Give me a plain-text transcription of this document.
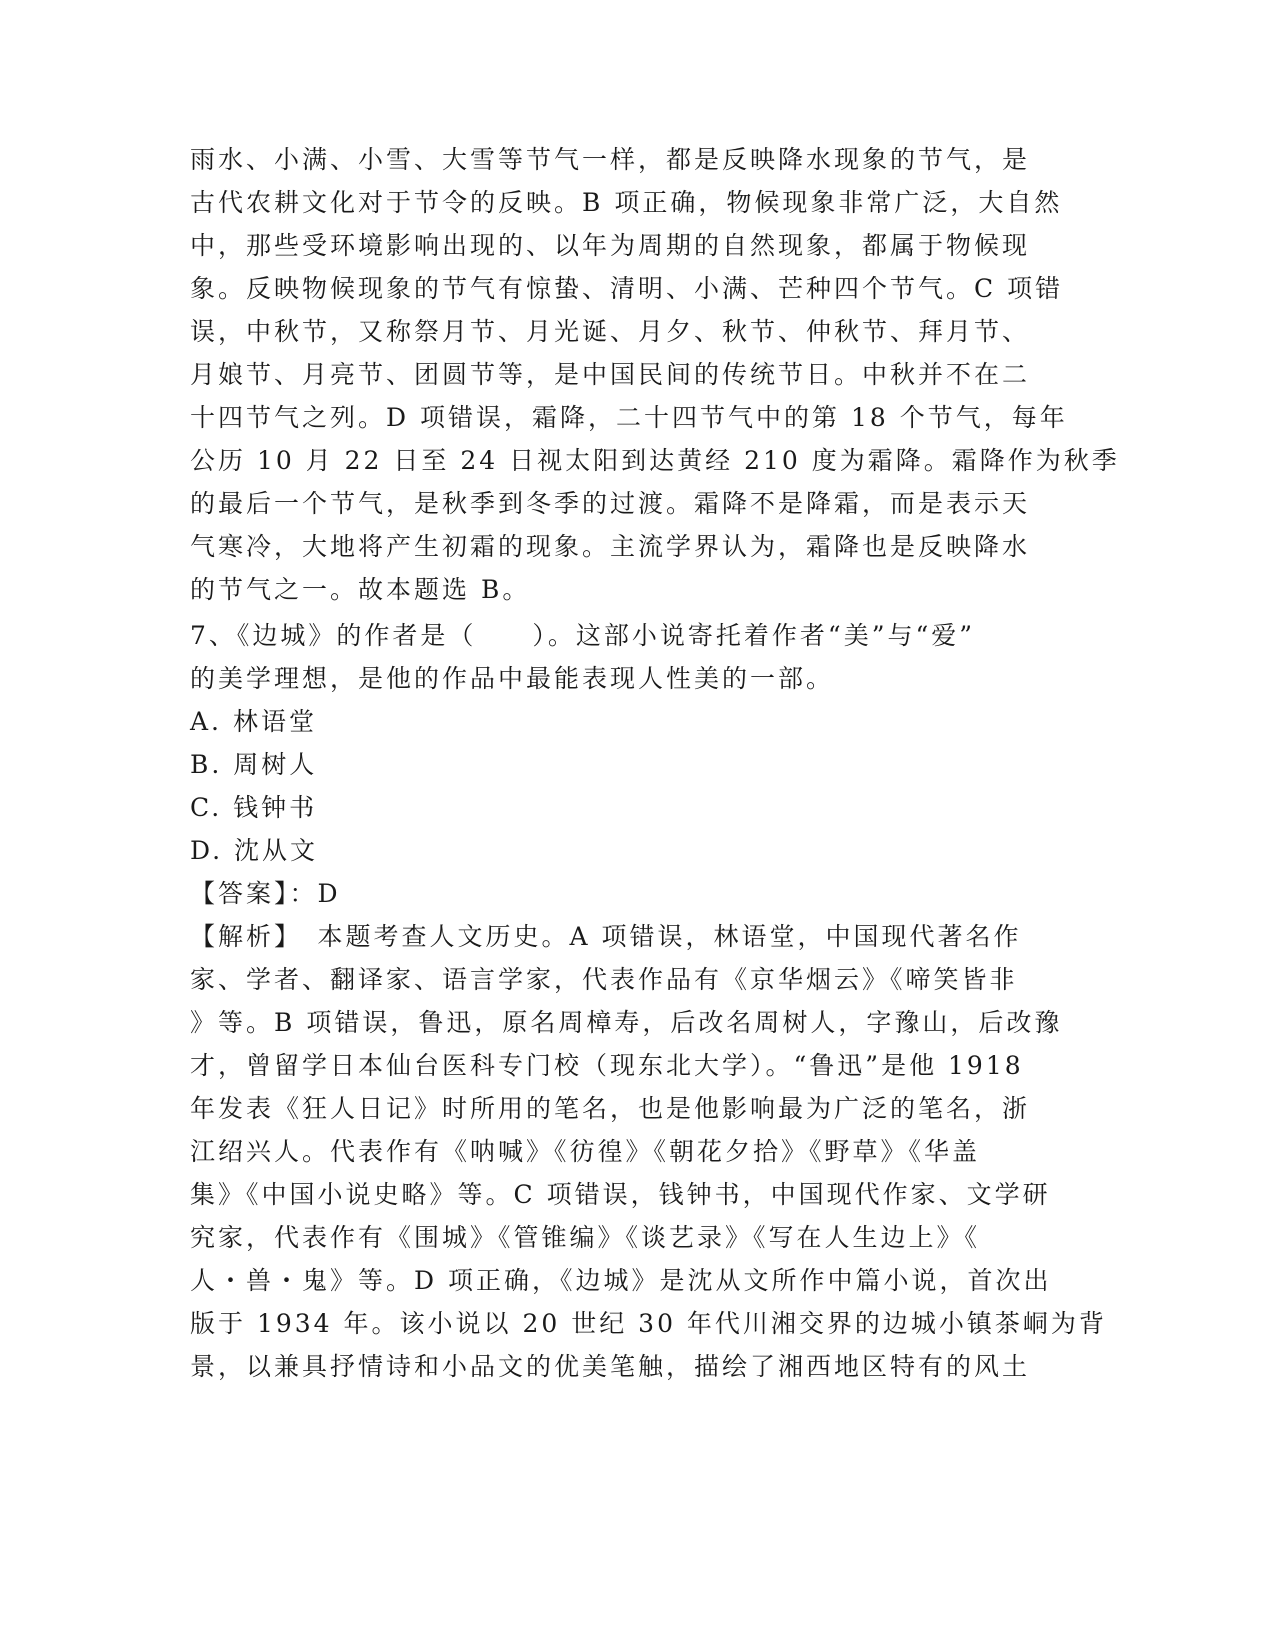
雨水、小满、小雪、大雪等节气一样，都是反映降水现象的节气，是
古代农耕文化对于节令的反映。B 项正确，物候现象非常广泛，大自然
中，那些受环境影响出现的、以年为周期的自然现象，都属于物候现
象。反映物候现象的节气有惊蛰、清明、小满、芒种四个节气。C 项错
误，中秋节，又称祭月节、月光诞、月夕、秋节、仲秋节、拜月节、
月娘节、月亮节、团圆节等，是中国民间的传统节日。中秋并不在二
十四节气之列。D 项错误，霜降，二十四节气中的第 18 个节气，每年
公历 10 月 22 日至 24 日视太阳到达黄经 210 度为霜降。霜降作为秋季
的最后一个节气，是秋季到冬季的过渡。霜降不是降霜，而是表示天
气寒冷，大地将产生初霜的现象。主流学界认为，霜降也是反映降水
的节气之一。故本题选 B。
7、《边城》的作者是（　　）。这部小说寄托着作者“美”与“爱”
的美学理想，是他的作品中最能表现人性美的一部。
A. 林语堂
B. 周树人
C. 钱钟书
D. 沈从文
【答案】：D
【解析】　本题考查人文历史。A 项错误，林语堂，中国现代著名作
家、学者、翻译家、语言学家，代表作品有《京华烟云》《啼笑皆非
》等。B 项错误，鲁迅，原名周樟寿，后改名周树人，字豫山，后改豫
才，曾留学日本仙台医科专门校（现东北大学）。“鲁迅”是他 1918
年发表《狂人日记》时所用的笔名，也是他影响最为广泛的笔名，浙
江绍兴人。代表作有《呐喊》《彷徨》《朝花夕拾》《野草》《华盖
集》《中国小说史略》等。C 项错误，钱钟书，中国现代作家、文学研
究家，代表作有《围城》《管锥编》《谈艺录》《写在人生边上》《
人・兽・鬼》等。D 项正确，《边城》是沈从文所作中篇小说，首次出
版于 1934 年。该小说以 20 世纪 30 年代川湘交界的边城小镇茶峒为背
景，以兼具抒情诗和小品文的优美笔触，描绘了湘西地区特有的风土
